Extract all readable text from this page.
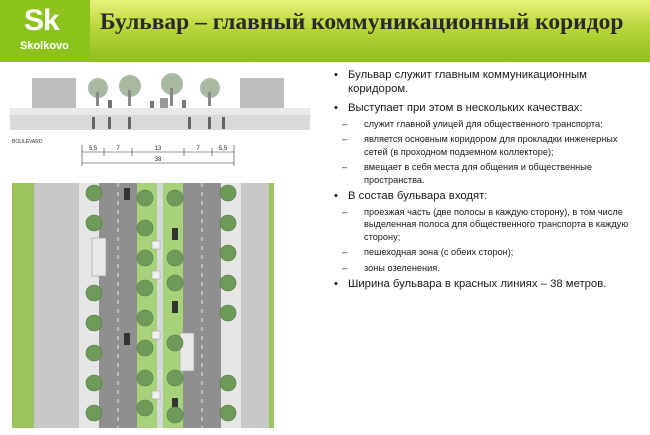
Sk
Skolkovo
Бульвар – главный коммуникационный коридор
BOULEVARD
5,5	7	13	7	5,5
38
• Бульвар служит главным коммуникационным коридором.
• Выступает при этом в нескольких качествах:
– служит главной улицей для общественного транспорта;
– является основным коридором для прокладки инженерных сетей (в проходном подземном коллекторе);
– вмещает в себя места для общения и общественные пространства.
• В состав бульвара входят:
– проезжая часть (две полосы в каждую сторону), в том числе выделенная полоса для общественного транспорта в каждую сторону;
– пешеходная зона (с обеих сторон);
– зоны озеленения.
• Ширина бульвара в красных линиях – 38 метров.
